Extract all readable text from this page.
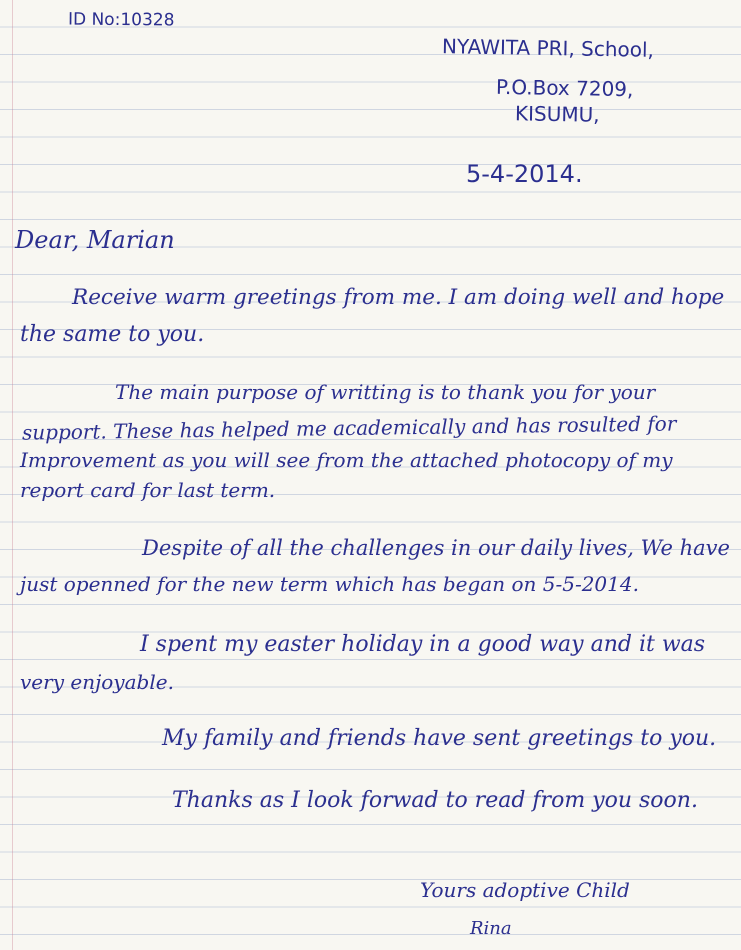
ID No:10328
NYAWITA PRI, School,
P.O.Box 7209,
KISUMU,
5-4-2014.
Dear, Marian
Receive warm greetings from me. I am doing well and hope
the same to you.
The main purpose of writting is to thank you for your
support. These has helped me academically and has rosulted for
Improvement as you will see from the attached photocopy of my
report card for last term.
Despite of all the challenges in our daily lives, We have
just openned for the new term which has began on 5-5-2014.
I spent my easter holiday in a good way and it was
very enjoyable.
My family and friends have sent greetings to you.
Thanks as I look forwad to read from you soon.
Yours adoptive Child
Rina
